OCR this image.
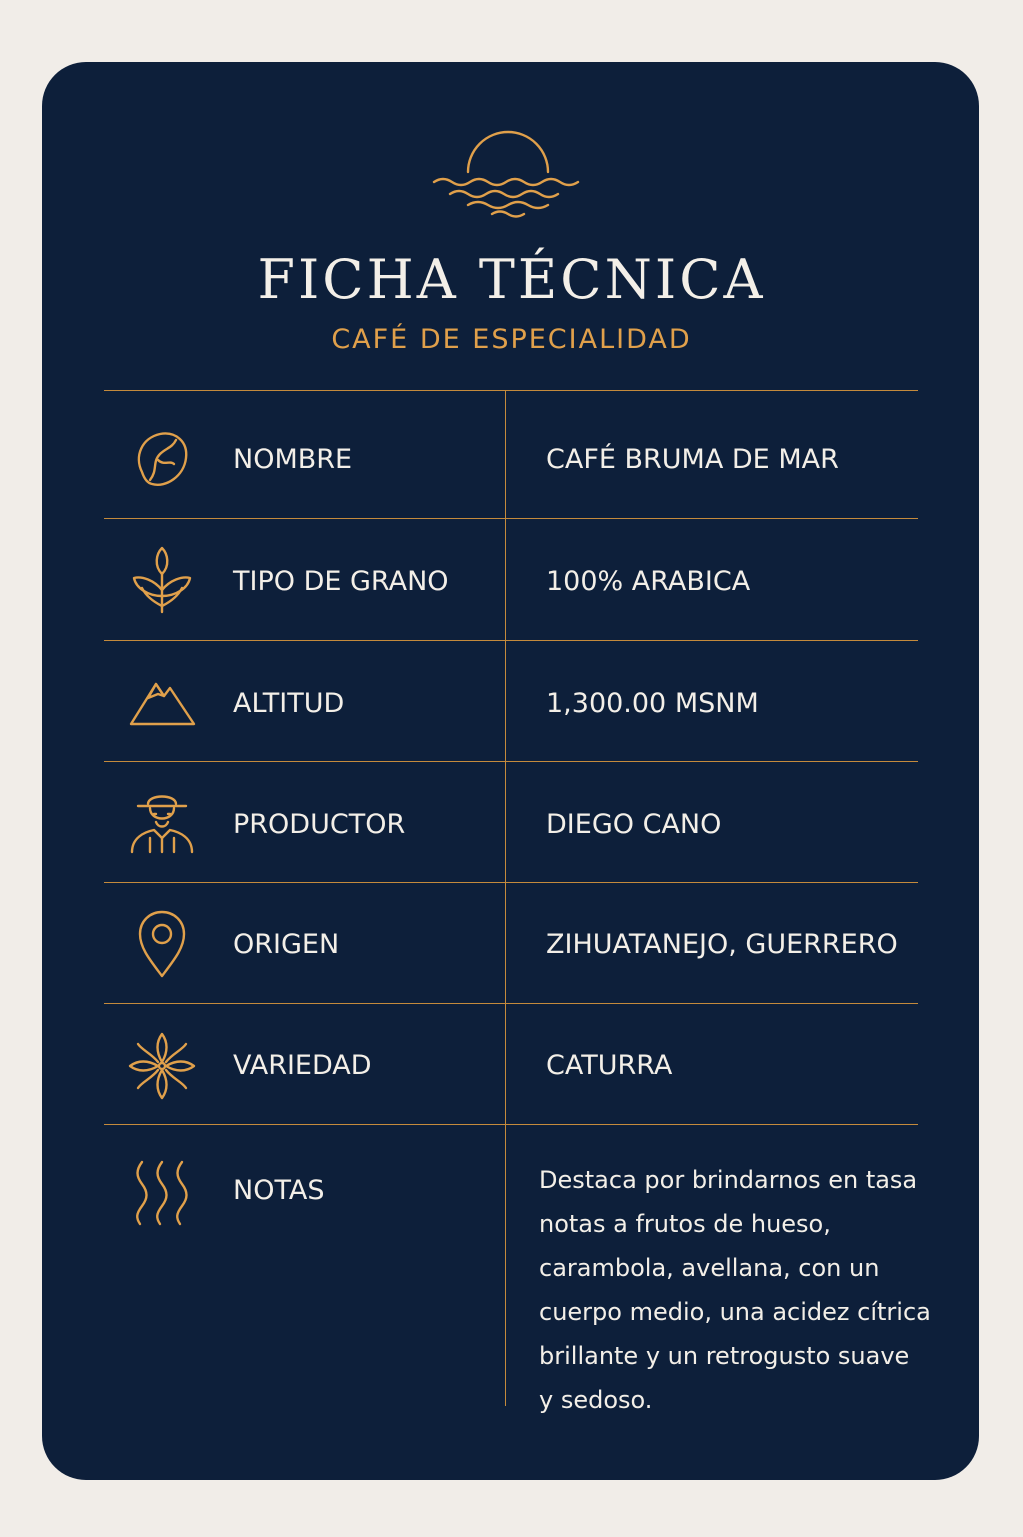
FICHA TÉCNICA
CAFÉ DE ESPECIALIDAD
NOMBRE	CAFÉ BRUMA DE MAR
TIPO DE GRANO	100% ARABICA
ALTITUD	1,300.00 MSNM
PRODUCTOR	DIEGO CANO
ORIGEN	ZIHUATANEJO, GUERRERO
VARIEDAD	CATURRA
NOTAS	Destaca por brindarnos en tasa notas a frutos de hueso, carambola, avellana, con un cuerpo medio, una acidez cítrica brillante y un retrogusto suave y sedoso.
